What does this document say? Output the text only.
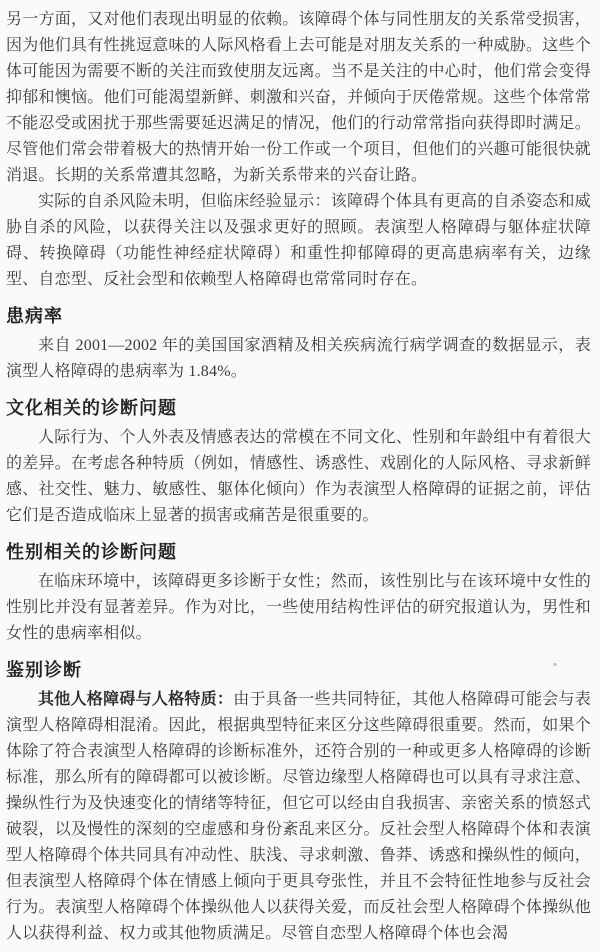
另一方面，又对他们表现出明显的依赖。该障碍个体与同性朋友的关系常受损害，因为他们具有性挑逗意味的人际风格看上去可能是对朋友关系的一种威胁。这些个体可能因为需要不断的关注而致使朋友远离。当不是关注的中心时，他们常会变得抑郁和懊恼。他们可能渴望新鲜、刺激和兴奋，并倾向于厌倦常规。这些个体常常不能忍受或困扰于那些需要延迟满足的情况，他们的行动常常指向获得即时满足。尽管他们常会带着极大的热情开始一份工作或一个项目，但他们的兴趣可能很快就消退。长期的关系常遭其忽略，为新关系带来的兴奋让路。

实际的自杀风险未明，但临床经验显示：该障碍个体具有更高的自杀姿态和威胁自杀的风险，以获得关注以及强求更好的照顾。表演型人格障碍与躯体症状障碍、转换障碍（功能性神经症状障碍）和重性抑郁障碍的更高患病率有关，边缘型、自恋型、反社会型和依赖型人格障碍也常常同时存在。

患病率

来自 2001—2002 年的美国国家酒精及相关疾病流行病学调查的数据显示，表演型人格障碍的患病率为 1.84%。

文化相关的诊断问题

人际行为、个人外表及情感表达的常模在不同文化、性别和年龄组中有着很大的差异。在考虑各种特质（例如，情感性、诱惑性、戏剧化的人际风格、寻求新鲜感、社交性、魅力、敏感性、躯体化倾向）作为表演型人格障碍的证据之前，评估它们是否造成临床上显著的损害或痛苦是很重要的。

性别相关的诊断问题

在临床环境中，该障碍更多诊断于女性；然而，该性别比与在该环境中女性的性别比并没有显著差异。作为对比，一些使用结构性评估的研究报道认为，男性和女性的患病率相似。

鉴别诊断

其他人格障碍与人格特质：由于具备一些共同特征，其他人格障碍可能会与表演型人格障碍相混淆。因此，根据典型特征来区分这些障碍很重要。然而，如果个体除了符合表演型人格障碍的诊断标准外，还符合别的一种或更多人格障碍的诊断标准，那么所有的障碍都可以被诊断。尽管边缘型人格障碍也可以具有寻求注意、操纵性行为及快速变化的情绪等特征，但它可以经由自我损害、亲密关系的愤怒式破裂，以及慢性的深刻的空虚感和身份紊乱来区分。反社会型人格障碍个体和表演型人格障碍个体共同具有冲动性、肤浅、寻求刺激、鲁莽、诱惑和操纵性的倾向，但表演型人格障碍个体在情感上倾向于更具夸张性，并且不会特征性地参与反社会行为。表演型人格障碍个体操纵他人以获得关爱，而反社会型人格障碍个体操纵他人以获得利益、权力或其他物质满足。尽管自恋型人格障碍个体也会渴
